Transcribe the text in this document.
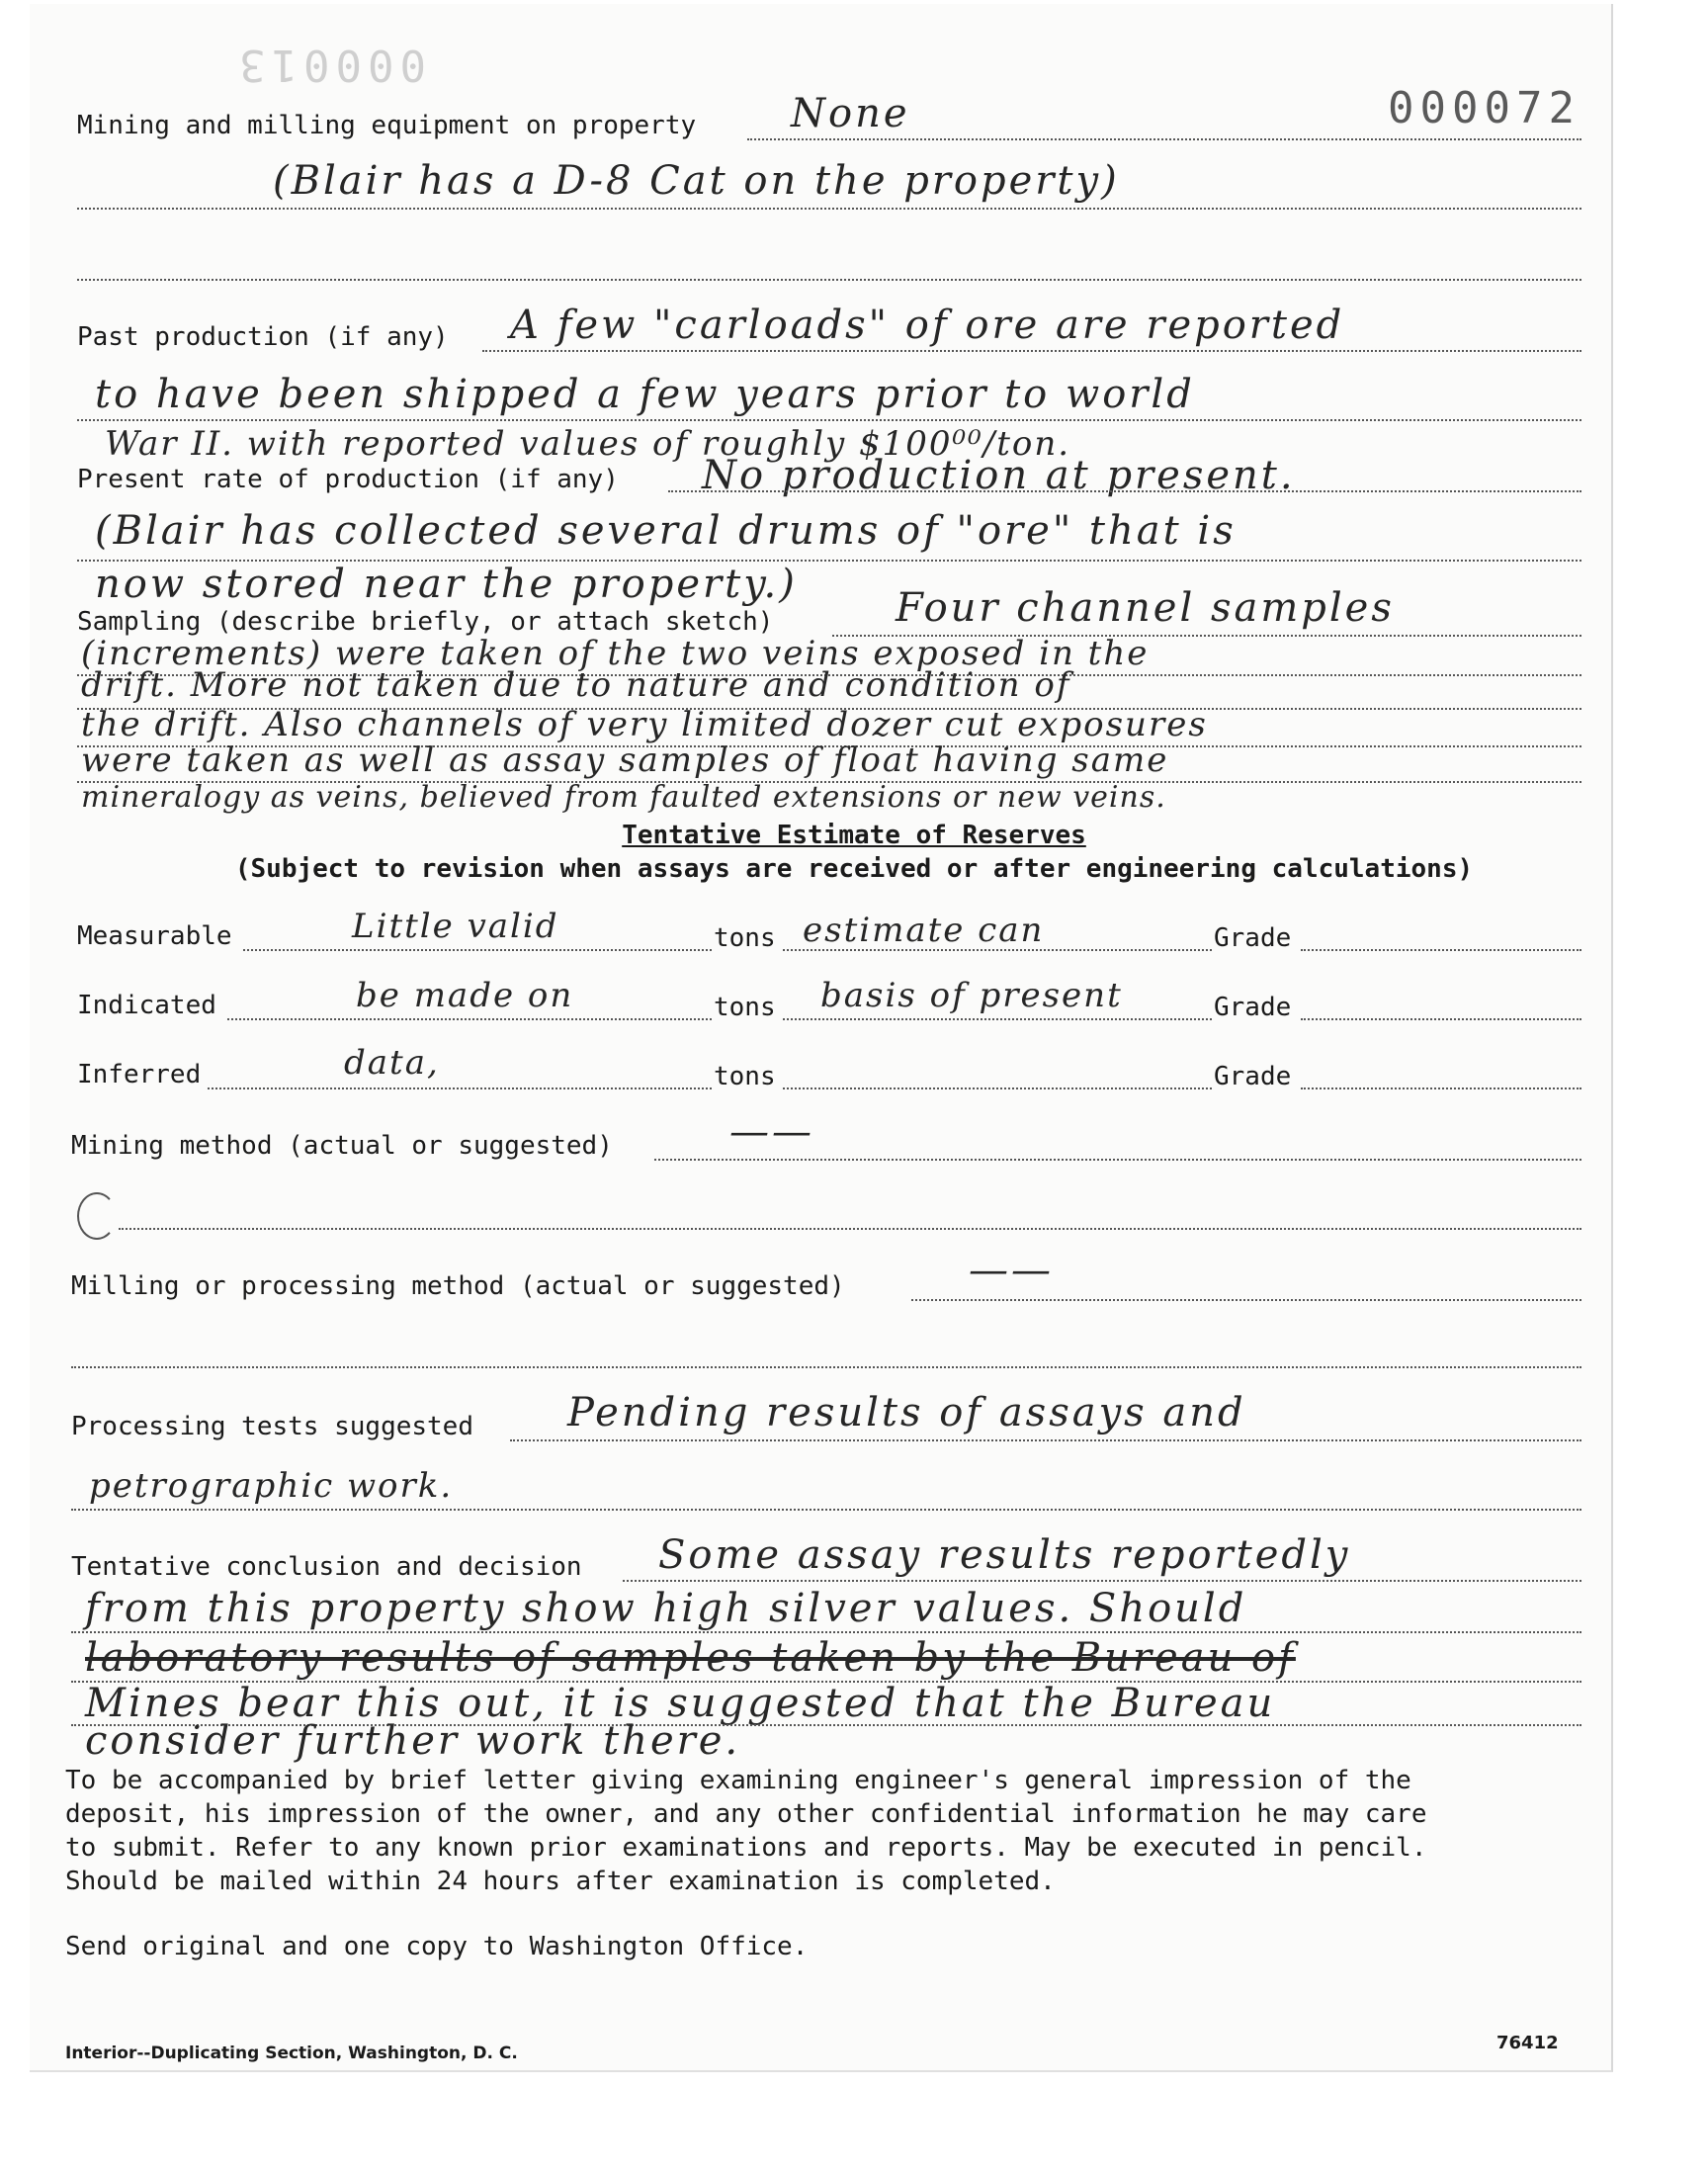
000013
000072
Mining and milling equipment on property None
(Blair has a D-8 Cat on the property)
Past production (if any) A few "carloads" of ore are reported
to have been shipped a few years prior to world
War II. with reported values of roughly $100⁰⁰/ton.
Present rate of production (if any) No production at present.
(Blair has collected several drums of "ore" that is
now stored near the property.)
Sampling (describe briefly, or attach sketch)	Four channel samples
(increments) were taken of the two veins exposed in the
drift. More not taken due to nature and condition of
the drift. Also channels of very limited dozer cut exposures
were taken as well as assay samples of float having same
mineralogy as veins, believed from faulted extensions or new veins.
Tentative Estimate of Reserves
(Subject to revision when assays are received or after engineering calculations)
Measurable	Little valid	tons estimate can	Grade
Indicated	be made on	tons basis of present	Grade
Inferred	data,	tons	Grade
Mining method (actual or suggested)	——
Milling or processing method (actual or suggested)	——
Processing tests suggested Pending results of assays and
petrographic work.
Tentative conclusion and decision Some assay results reportedly
from this property show high silver values. Should
laboratory results of samples taken by the Bureau of
Mines bear this out, it is suggested that the Bureau
consider further work there.
To be accompanied by brief letter giving examining engineer's general impression of the
deposit, his impression of the owner, and any other confidential information he may care
to submit. Refer to any known prior examinations and reports. May be executed in pencil.
Should be mailed within 24 hours after examination is completed.
Send original and one copy to Washington Office.
Interior--Duplicating Section, Washington, D. C.	76412
